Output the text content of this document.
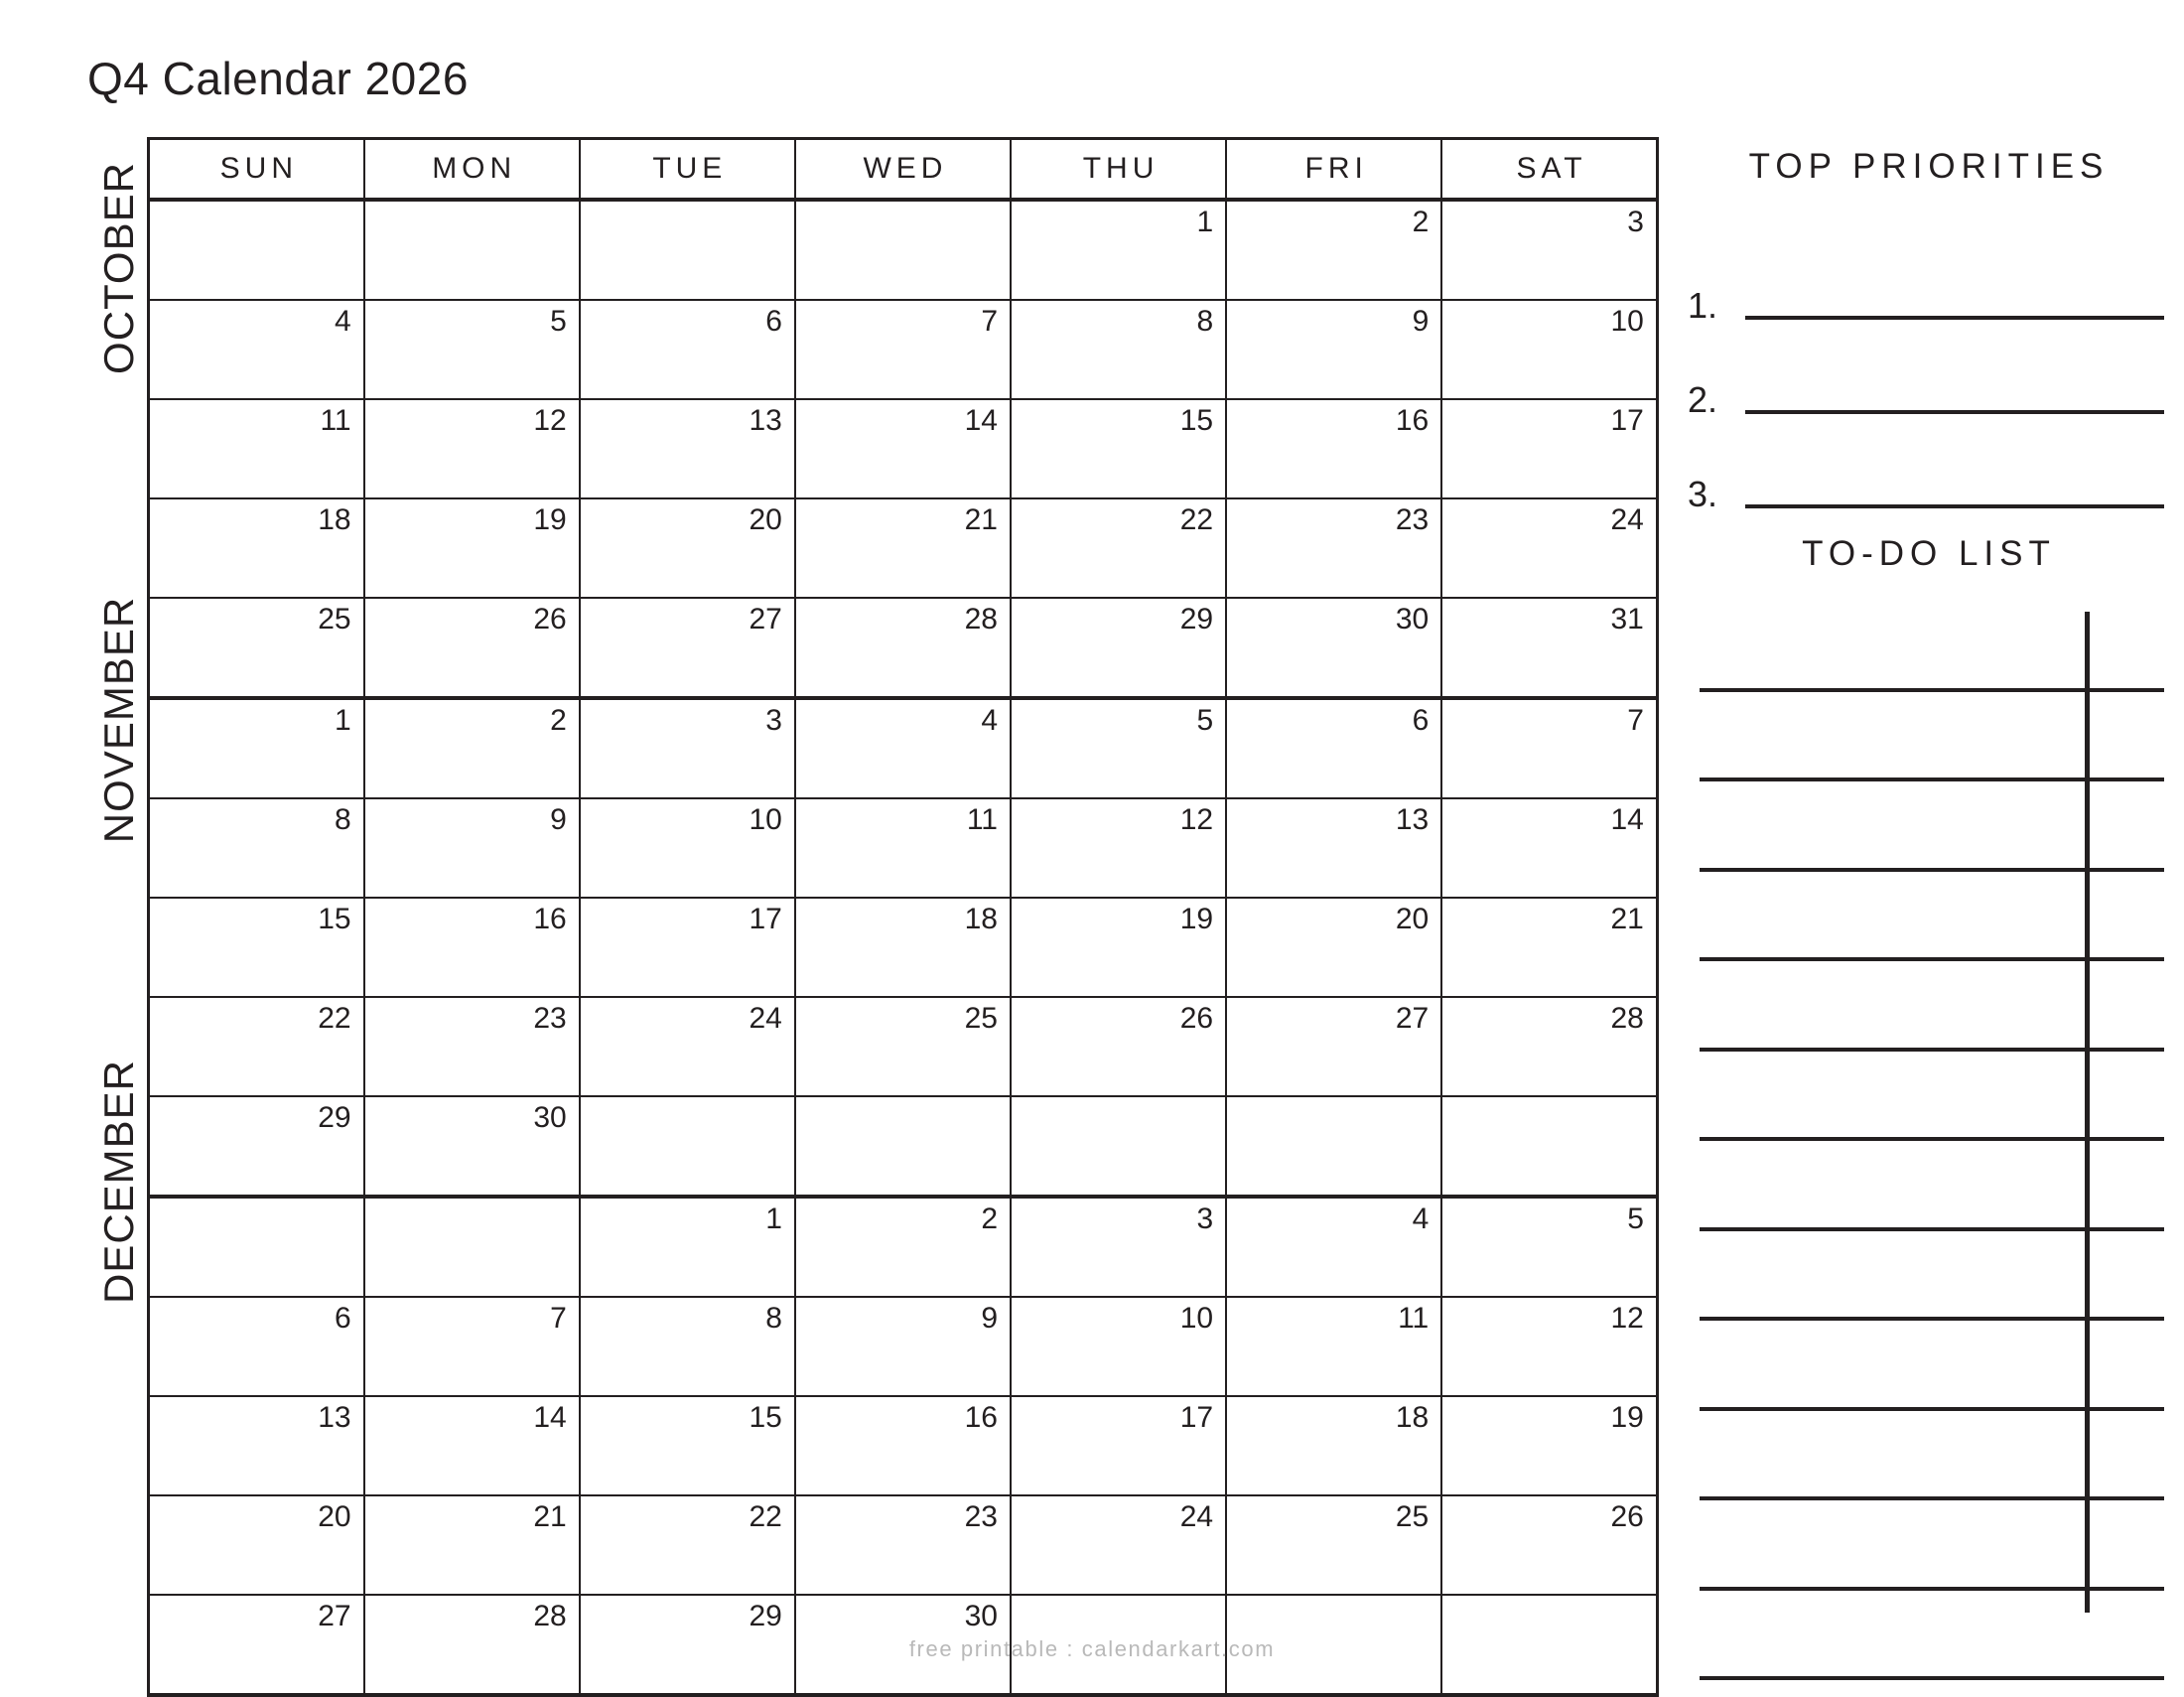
Q4 Calendar 2026
OCTOBER
NOVEMBER
DECEMBER
SUN	MON	TUE	WED	THU	FRI	SAT
				1	2	3
4	5	6	7	8	9	10
11	12	13	14	15	16	17
18	19	20	21	22	23	24
25	26	27	28	29	30	31
1	2	3	4	5	6	7
8	9	10	11	12	13	14
15	16	17	18	19	20	21
22	23	24	25	26	27	28
29	30					
		1	2	3	4	5
6	7	8	9	10	11	12
13	14	15	16	17	18	19
20	21	22	23	24	25	26
27	28	29	30			
TOP PRIORITIES
1.
2.
3.
TO-DO LIST
free printable : calendarkart.com
